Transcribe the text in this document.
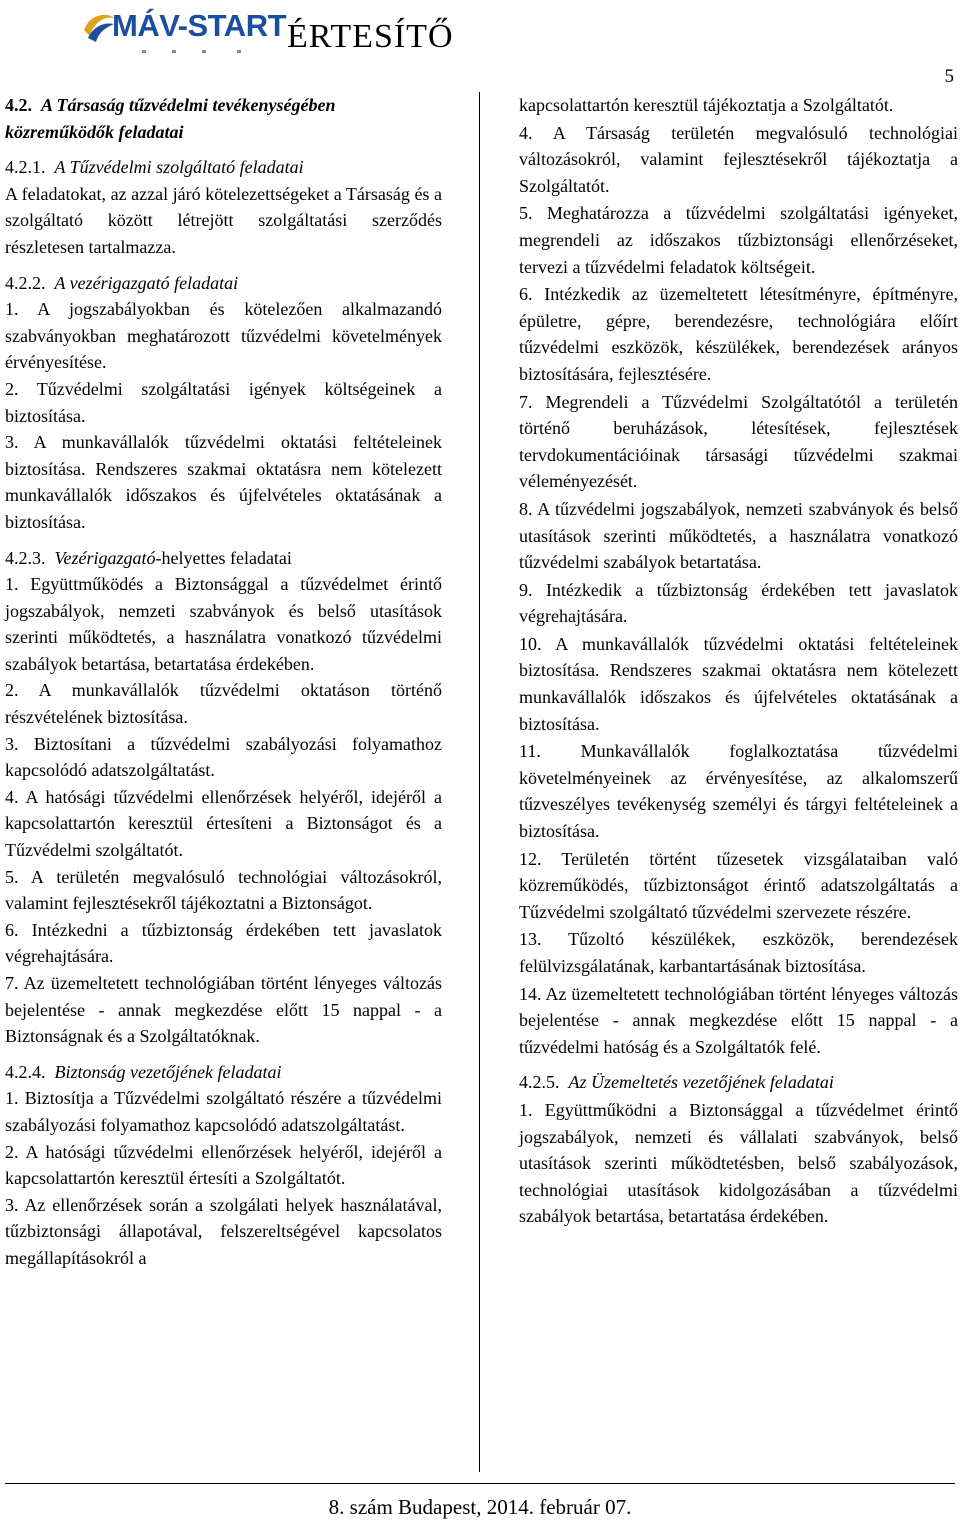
MÁV-START ÉRTESÍTŐ
5

4.2. A Társaság tűzvédelmi tevékenységében közreműködők feladatai

4.2.1. A Tűzvédelmi szolgáltató feladatai

A feladatokat, az azzal járó kötelezettségeket a Társaság és a szolgáltató között létrejött szolgáltatási szerződés részletesen tartalmazza.

4.2.2. A vezérigazgató feladatai

1. A jogszabályokban és kötelezően alkalmazandó szabványokban meghatározott tűzvédelmi követelmények érvényesítése.

2. Tűzvédelmi szolgáltatási igények költségeinek a biztosítása.

3. A munkavállalók tűzvédelmi oktatási feltételeinek biztosítása. Rendszeres szakmai oktatásra nem kötelezett munkavállalók időszakos és újfelvételes oktatásának a biztosítása.

4.2.3. Vezérigazgató-helyettes feladatai

1. Együttműködés a Biztonsággal a tűzvédelmet érintő jogszabályok, nemzeti szabványok és belső utasítások szerinti működtetés, a használatra vonatkozó tűzvédelmi szabályok betartása, betartatása érdekében.

2. A munkavállalók tűzvédelmi oktatáson történő részvételének biztosítása.

3. Biztosítani a tűzvédelmi szabályozási folyamathoz kapcsolódó adatszolgáltatást.

4. A hatósági tűzvédelmi ellenőrzések helyéről, idejéről a kapcsolattartón keresztül értesíteni a Biztonságot és a Tűzvédelmi szolgáltatót.

5. A területén megvalósuló technológiai változásokról, valamint fejlesztésekről tájékoztatni a Biztonságot.

6. Intézkedni a tűzbiztonság érdekében tett javaslatok végrehajtására.

7. Az üzemeltetett technológiában történt lényeges változás bejelentése - annak megkezdése előtt 15 nappal - a Biztonságnak és a Szolgáltatóknak.

4.2.4. Biztonság vezetőjének feladatai

1. Biztosítja a Tűzvédelmi szolgáltató részére a tűzvédelmi szabályozási folyamathoz kapcsolódó adatszolgáltatást.

2. A hatósági tűzvédelmi ellenőrzések helyéről, idejéről a kapcsolattartón keresztül értesíti a Szolgáltatót.

3. Az ellenőrzések során a szolgálati helyek használatával, tűzbiztonsági állapotával, felszereltségével kapcsolatos megállapításokról a

kapcsolattartón keresztül tájékoztatja a Szolgáltatót.

4. A Társaság területén megvalósuló technológiai változásokról, valamint fejlesztésekről tájékoztatja a Szolgáltatót.

5. Meghatározza a tűzvédelmi szolgáltatási igényeket, megrendeli az időszakos tűzbiztonsági ellenőrzéseket, tervezi a tűzvédelmi feladatok költségeit.

6. Intézkedik az üzemeltetett létesítményre, építményre, épületre, gépre, berendezésre, technológiára előírt tűzvédelmi eszközök, készülékek, berendezések arányos biztosítására, fejlesztésére.

7. Megrendeli a Tűzvédelmi Szolgáltatótól a területén történő beruházások, létesítések, fejlesztések tervdokumentációinak társasági tűzvédelmi szakmai véleményezését.

8. A tűzvédelmi jogszabályok, nemzeti szabványok és belső utasítások szerinti működtetés, a használatra vonatkozó tűzvédelmi szabályok betartatása.

9. Intézkedik a tűzbiztonság érdekében tett javaslatok végrehajtására.

10. A munkavállalók tűzvédelmi oktatási feltételeinek biztosítása. Rendszeres szakmai oktatásra nem kötelezett munkavállalók időszakos és újfelvételes oktatásának a biztosítása.

11. Munkavállalók foglalkoztatása tűzvédelmi követelményeinek az érvényesítése, az alkalomszerű tűzveszélyes tevékenység személyi és tárgyi feltételeinek a biztosítása.

12. Területén történt tűzesetek vizsgálataiban való közreműködés, tűzbiztonságot érintő adatszolgáltatás a Tűzvédelmi szolgáltató tűzvédelmi szervezete részére.

13. Tűzoltó készülékek, eszközök, berendezések felülvizsgálatának, karbantartásának biztosítása.

14. Az üzemeltetett technológiában történt lényeges változás bejelentése - annak megkezdése előtt 15 nappal - a tűzvédelmi hatóság és a Szolgáltatók felé.

4.2.5. Az Üzemeltetés vezetőjének feladatai

1. Együttműködni a Biztonsággal a tűzvédelmet érintő jogszabályok, nemzeti és vállalati szabványok, belső utasítások szerinti működtetésben, belső szabályozások, technológiai utasítások kidolgozásában a tűzvédelmi szabályok betartása, betartatása érdekében.

8. szám Budapest, 2014. február 07.
